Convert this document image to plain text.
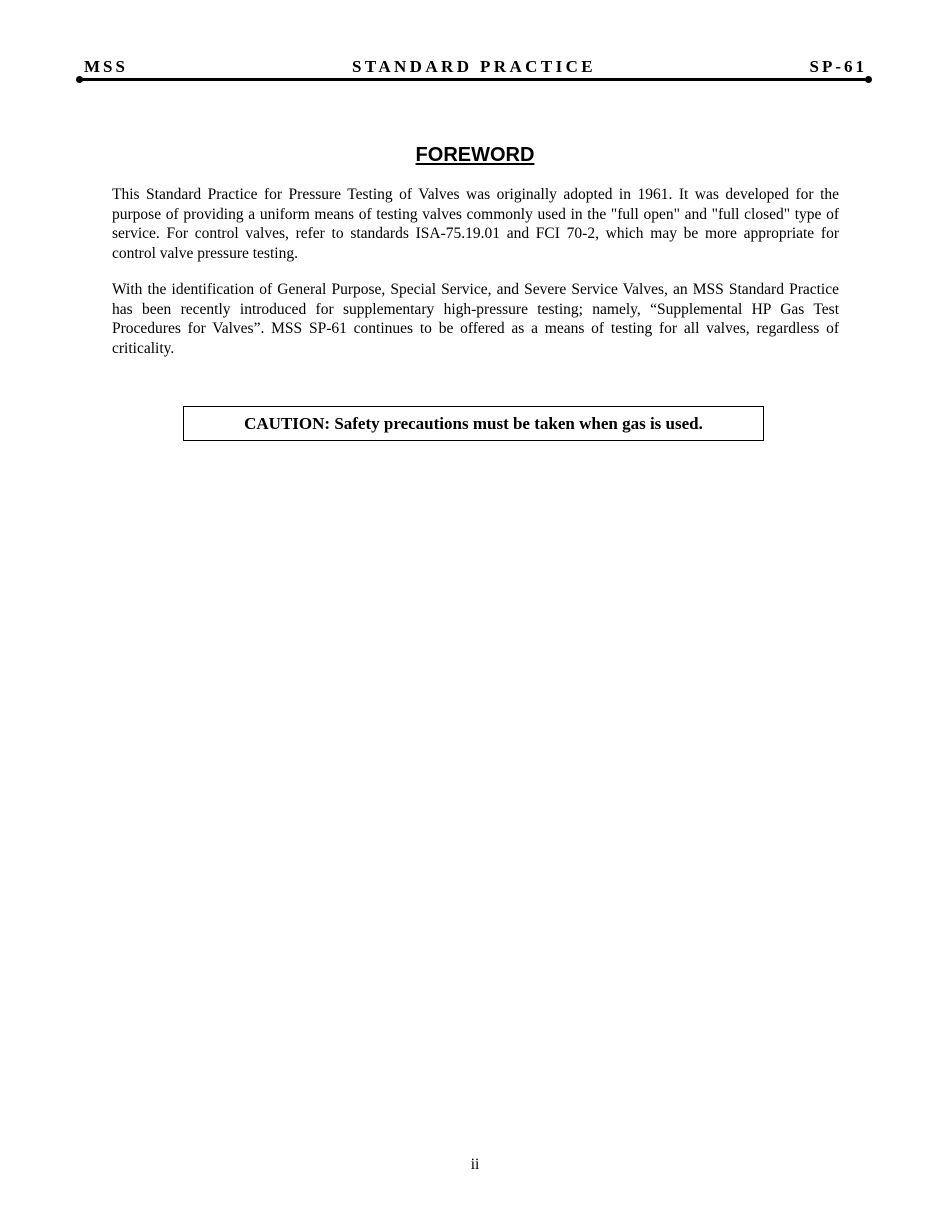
MSS	STANDARD PRACTICE	SP-61
FOREWORD

This Standard Practice for Pressure Testing of Valves was originally adopted in 1961. It was developed for the purpose of providing a uniform means of testing valves commonly used in the "full open" and "full closed" type of service. For control valves, refer to standards ISA-75.19.01 and FCI 70-2, which may be more appropriate for control valve pressure testing.

With the identification of General Purpose, Special Service, and Severe Service Valves, an MSS Standard Practice has been recently introduced for supplementary high-pressure testing; namely, “Supplemental HP Gas Test Procedures for Valves”. MSS SP-61 continues to be offered as a means of testing for all valves, regardless of criticality.

CAUTION: Safety precautions must be taken when gas is used.
ii
